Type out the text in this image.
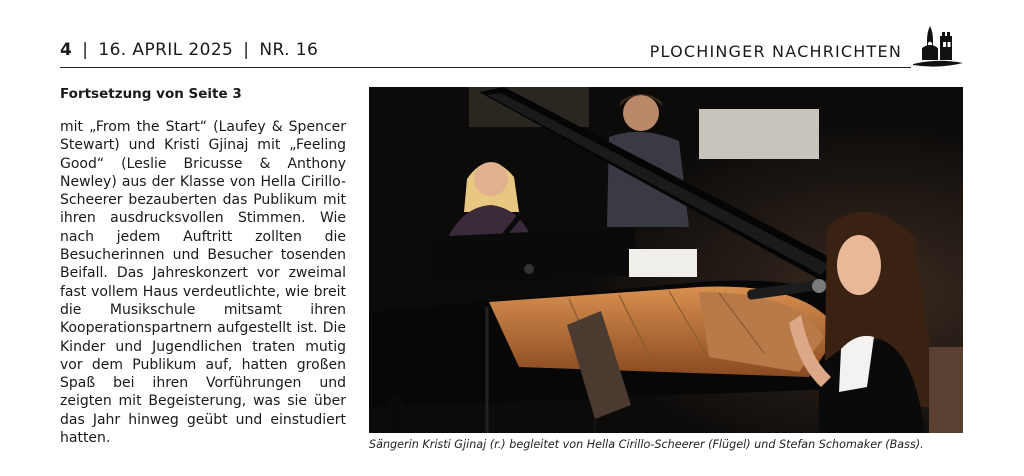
4 | 16. APRIL 2025 | NR. 16	PLOCHINGER NACHRICHTEN
Fortsetzung von Seite 3

mit „From the Start“ (Laufey & Spencer Stewart) und Kristi Gjinaj mit „Feeling Good“ (Leslie Bricusse & Anthony Newley) aus der Klasse von Hella Cirillo-Scheerer bezauberten das Publikum mit ihren ausdrucksvollen Stimmen. Wie nach jedem Auftritt zollten die Besucherinnen und Besucher tosenden Beifall. Das Jahreskonzert vor zweimal fast vollem Haus verdeutlichte, wie breit die Musikschule mitsamt ihren Kooperationspartnern aufgestellt ist. Die Kinder und Jugendlichen traten mutig vor dem Publikum auf, hatten großen Spaß bei ihren Vorführungen und zeigten mit Begeisterung, was sie über das Jahr hinweg geübt und einstudiert hatten.	Sängerin Kristi Gjinaj (r.) begleitet von Hella Cirillo-Scheerer (Flügel) und Stefan Schomaker (Bass).
